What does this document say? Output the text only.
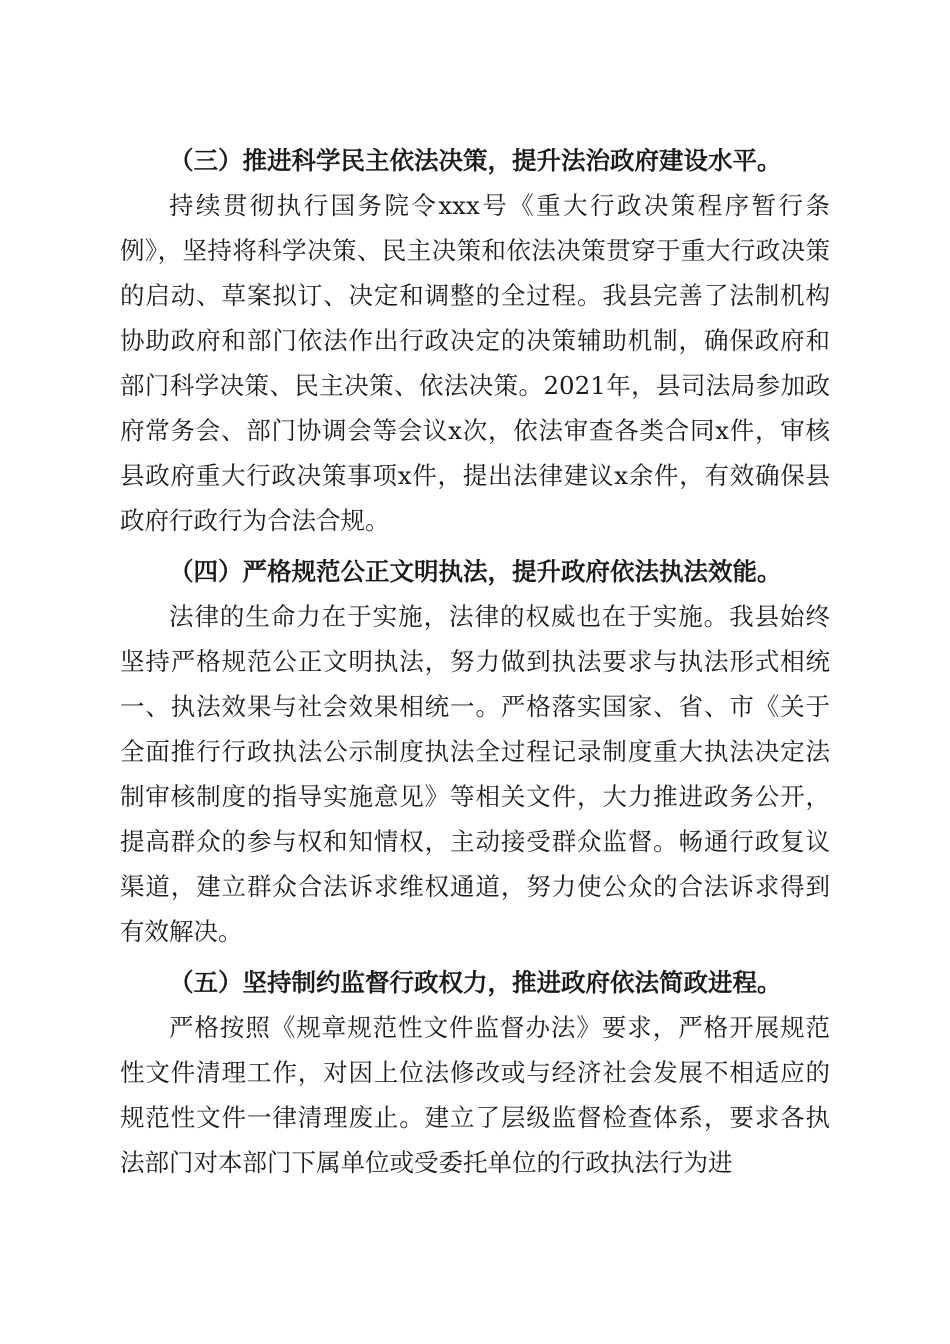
（三）推进科学民主依法决策，提升法治政府建设水平。

持续贯彻执行国务院令xxx号《重大行政决策程序暂行条例》，坚持将科学决策、民主决策和依法决策贯穿于重大行政决策的启动、草案拟订、决定和调整的全过程。我县完善了法制机构协助政府和部门依法作出行政决定的决策辅助机制，确保政府和部门科学决策、民主决策、依法决策。2021年，县司法局参加政府常务会、部门协调会等会议x次，依法审查各类合同x件，审核县政府重大行政决策事项x件，提出法律建议x余件，有效确保县政府行政行为合法合规。

（四）严格规范公正文明执法，提升政府依法执法效能。

法律的生命力在于实施，法律的权威也在于实施。我县始终坚持严格规范公正文明执法，努力做到执法要求与执法形式相统一、执法效果与社会效果相统一。严格落实国家、省、市《关于全面推行行政执法公示制度执法全过程记录制度重大执法决定法制审核制度的指导实施意见》等相关文件，大力推进政务公开，提高群众的参与权和知情权，主动接受群众监督。畅通行政复议渠道，建立群众合法诉求维权通道，努力使公众的合法诉求得到有效解决。

（五）坚持制约监督行政权力，推进政府依法简政进程。

严格按照《规章规范性文件监督办法》要求，严格开展规范性文件清理工作，对因上位法修改或与经济社会发展不相适应的规范性文件一律清理废止。建立了层级监督检查体系，要求各执法部门对本部门下属单位或受委托单位的行政执法行为进
